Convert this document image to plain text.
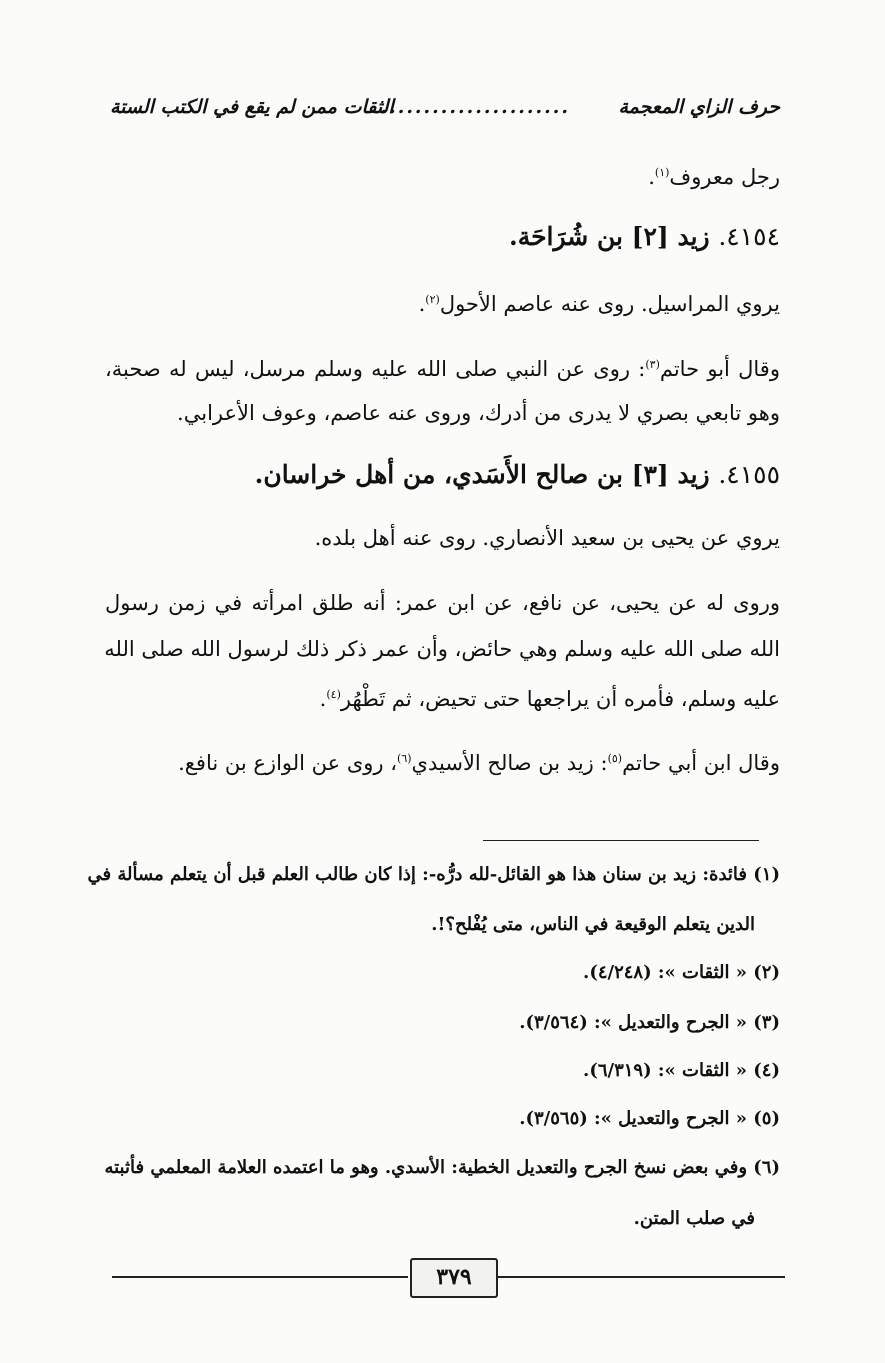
حرف الزاي المعجمة
......................
الثقات ممن لم يقع في الكتب الستة
رجل معروف$^{(١)}$.
٤١٥٤. زيد [٢] بن شُرَاحَة.
يروي المراسيل. روى عنه عاصم الأحول$^{(٢)}$.
وقال أبو حاتم$^{(٣)}$: روى عن النبي صلى الله عليه وسلم مرسل، ليس له صحبة،
وهو تابعي بصري لا يدرى من أدرك، وروى عنه عاصم، وعوف الأعرابي.
٤١٥٥. زيد [٣] بن صالح الأَسَدي، من أهل خراسان.
يروي عن يحيى بن سعيد الأنصاري. روى عنه أهل بلده.
وروى له عن يحيى، عن نافع، عن ابن عمر: أنه طلق امرأته في زمن رسول
الله صلى الله عليه وسلم وهي حائض، وأن عمر ذكر ذلك لرسول الله صلى الله
عليه وسلم، فأمره أن يراجعها حتى تحيض، ثم تَطْهُر$^{(٤)}$.
وقال ابن أبي حاتم$^{(٥)}$: زيد بن صالح الأسيدي$^{(٦)}$، روى عن الوازع بن نافع.
(١) فائدة: زيد بن سنان هذا هو القائل-لله درُّه-: إذا كان طالب العلم قبل أن يتعلم مسألة في
الدين يتعلم الوقيعة في الناس، متى يُفْلح؟!.
(٢) « الثقات »: (٤/٢٤٨).
(٣) « الجرح والتعديل »: (٣/٥٦٤).
(٤) « الثقات »: (٦/٣١٩).
(٥) « الجرح والتعديل »: (٣/٥٦٥).
(٦) وفي بعض نسخ الجرح والتعديل الخطية: الأسدي. وهو ما اعتمده العلامة المعلمي فأثبته
في صلب المتن.
٣٧٩
